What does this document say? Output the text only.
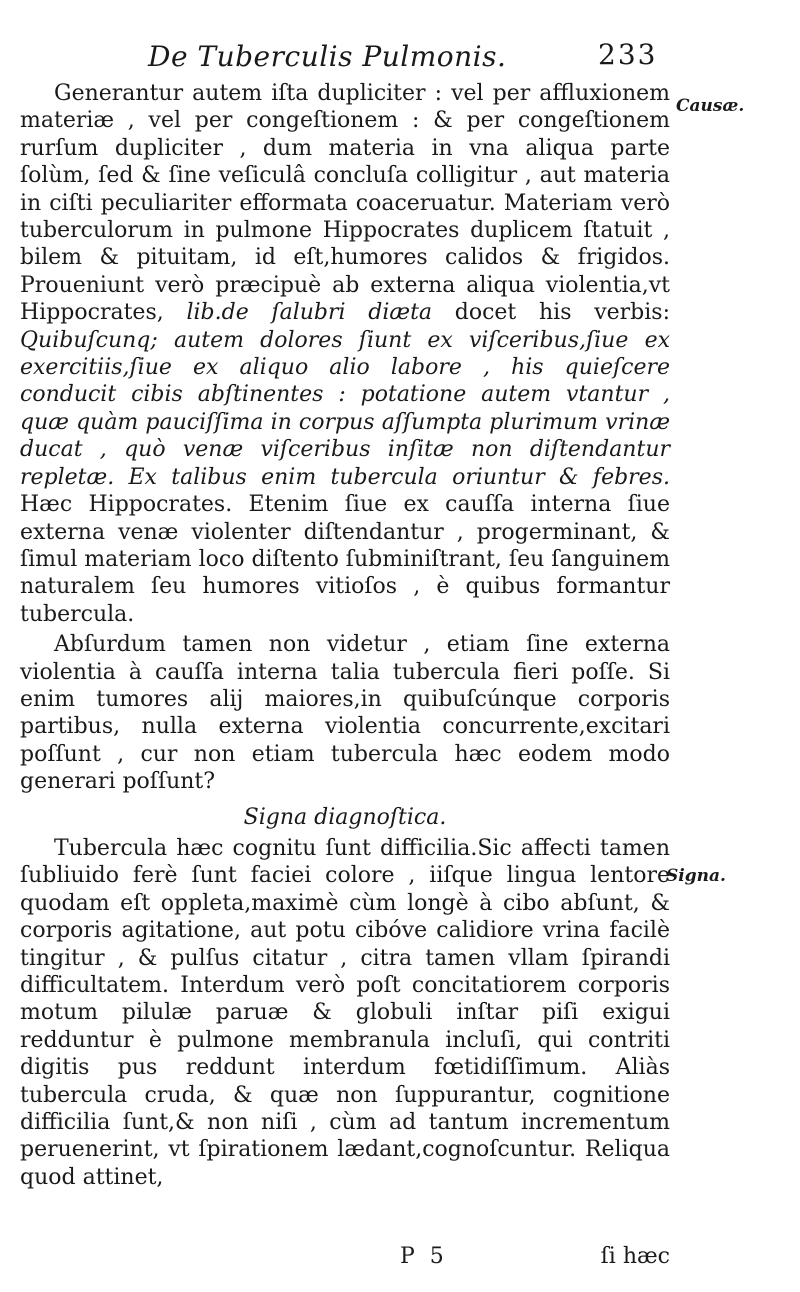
De Tuberculis Pulmonis.	233
Causæ.
Signa.

Generantur autem iſta dupliciter : vel per affluxionem materiæ , vel per congeſtionem : & per congeſtionem rurſum dupliciter , dum materia in vna aliqua parte ſolùm, ſed & ſine veſiculâ concluſa colligitur , aut materia in ciſti peculiariter efformata coaceruatur. Materiam verò tuberculorum in pulmone Hippocrates duplicem ſtatuit , bilem & pituitam, id eſt,humores calidos & frigidos. Proueniunt verò præcipuè ab externa aliqua violentia,vt Hippocrates, lib.de ſalubri diæta docet his verbis: Quibuſcunq; autem dolores ſiunt ex viſceribus,ſiue ex exercitiis,ſiue ex aliquo alio labore , his quieſcere conducit cibis abſtinentes : potatione autem vtantur , quæ quàm pauciſſima in corpus aſſumpta plurimum vrinæ ducat , quò venæ viſceribus inſitæ non diſtendantur repletæ. Ex talibus enim tubercula oriuntur & febres. Hæc Hippocrates. Etenim ſiue ex cauſſa interna ſiue externa venæ violenter diſtendantur , progerminant, & ſimul materiam loco diſtento ſubminiſtrant, ſeu ſanguinem naturalem ſeu humores vitioſos , è quibus formantur tubercula.

Abſurdum tamen non videtur , etiam ſine externa violentia à cauſſa interna talia tubercula fieri poſſe. Si enim tumores alij maiores,in quibuſcúnque corporis partibus, nulla externa violentia concurrente,excitari poſſunt , cur non etiam tubercula hæc eodem modo generari poſſunt?

Signa diagnoſtica.

Tubercula hæc cognitu ſunt difficilia.Sic affecti tamen ſubliuido ferè ſunt faciei colore , iiſque lingua lentore quodam eſt oppleta,maximè cùm longè à cibo abſunt, & corporis agitatione, aut potu cibóve calidiore vrina facilè tingitur , & pulſus citatur , citra tamen vllam ſpirandi difficultatem. Interdum verò poſt concitatiorem corporis motum pilulæ paruæ & globuli inſtar piſi exigui redduntur è pulmone membranula incluſi, qui contriti digitis pus reddunt interdum fœtidiſſimum. Aliàs tubercula cruda, & quæ non ſuppurantur, cognitione difficilia ſunt,& non niſi , cùm ad tantum incrementum peruenerint, vt ſpirationem lædant,cognoſcuntur. Reliqua quod attinet,

P 5	ſi hæc
